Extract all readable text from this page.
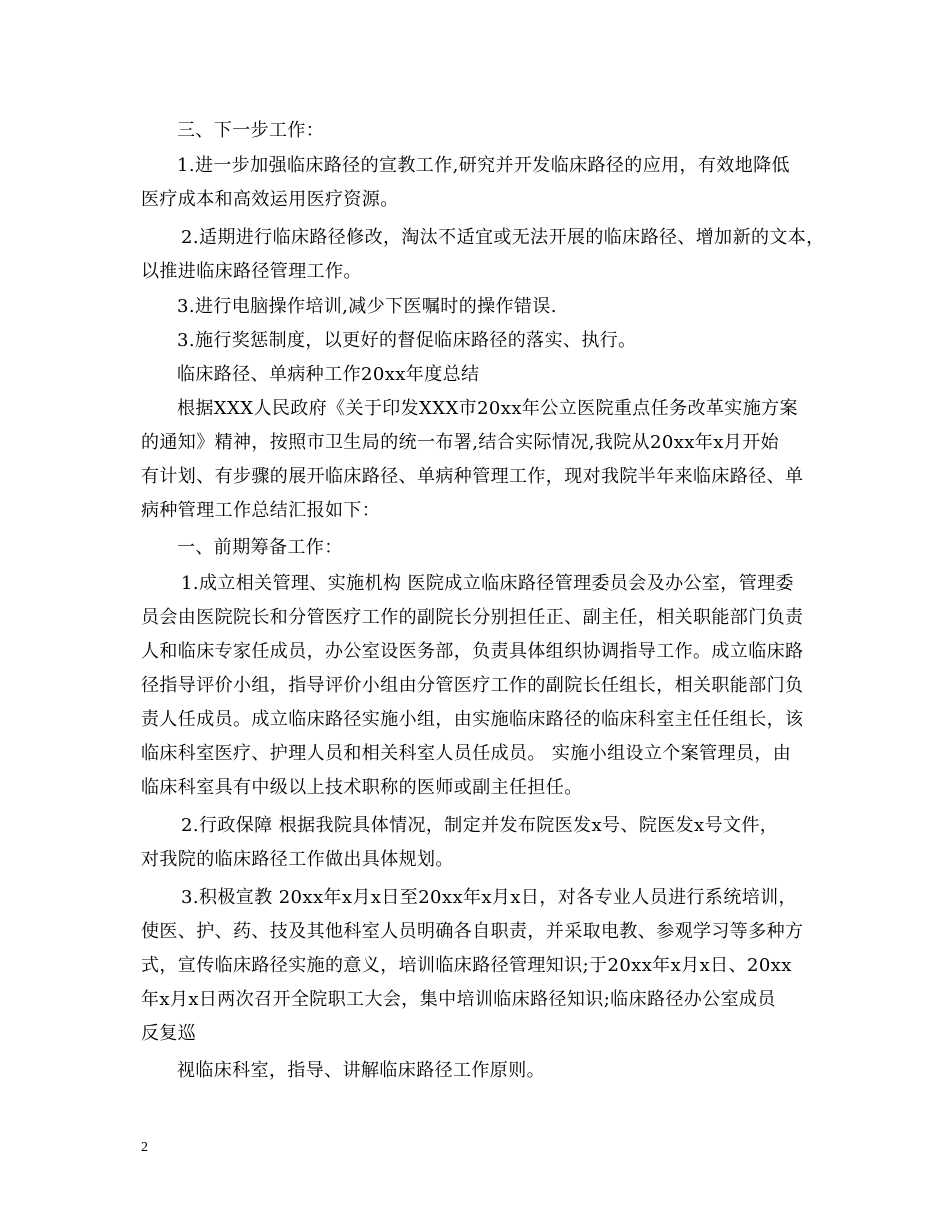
三、下一步工作：
1.进一步加强临床路径的宣教工作,研究并开发临床路径的应用，有效地降低
医疗成本和高效运用医疗资源。
2.适期进行临床路径修改，淘汰不适宜或无法开展的临床路径、增加新的文本，
以推进临床路径管理工作。
3.进行电脑操作培训,减少下医嘱时的操作错误.
3.施行奖惩制度，以更好的督促临床路径的落实、执行。
临床路径、单病种工作20xx年度总结
根据XXX人民政府《关于印发XXX市20xx年公立医院重点任务改革实施方案
的通知》精神，按照市卫生局的统一布署,结合实际情况,我院从20xx年x月开始
有计划、有步骤的展开临床路径、单病种管理工作，现对我院半年来临床路径、单
病种管理工作总结汇报如下：
一、前期筹备工作：
1.成立相关管理、实施机构 医院成立临床路径管理委员会及办公室，管理委
员会由医院院长和分管医疗工作的副院长分别担任正、副主任，相关职能部门负责
人和临床专家任成员，办公室设医务部，负责具体组织协调指导工作。成立临床路
径指导评价小组，指导评价小组由分管医疗工作的副院长任组长，相关职能部门负
责人任成员。成立临床路径实施小组，由实施临床路径的临床科室主任任组长，该
临床科室医疗、护理人员和相关科室人员任成员。 实施小组设立个案管理员，由
临床科室具有中级以上技术职称的医师或副主任担任。
2.行政保障 根据我院具体情况，制定并发布院医发x号、院医发x号文件，
对我院的临床路径工作做出具体规划。
3.积极宣教 20xx年x月x日至20xx年x月x日，对各专业人员进行系统培训，
使医、护、药、技及其他科室人员明确各自职责，并采取电教、参观学习等多种方
式，宣传临床路径实施的意义，培训临床路径管理知识;于20xx年x月x日、20xx
年x月x日两次召开全院职工大会，集中培训临床路径知识;临床路径办公室成员
反复巡
视临床科室，指导、讲解临床路径工作原则。
2
